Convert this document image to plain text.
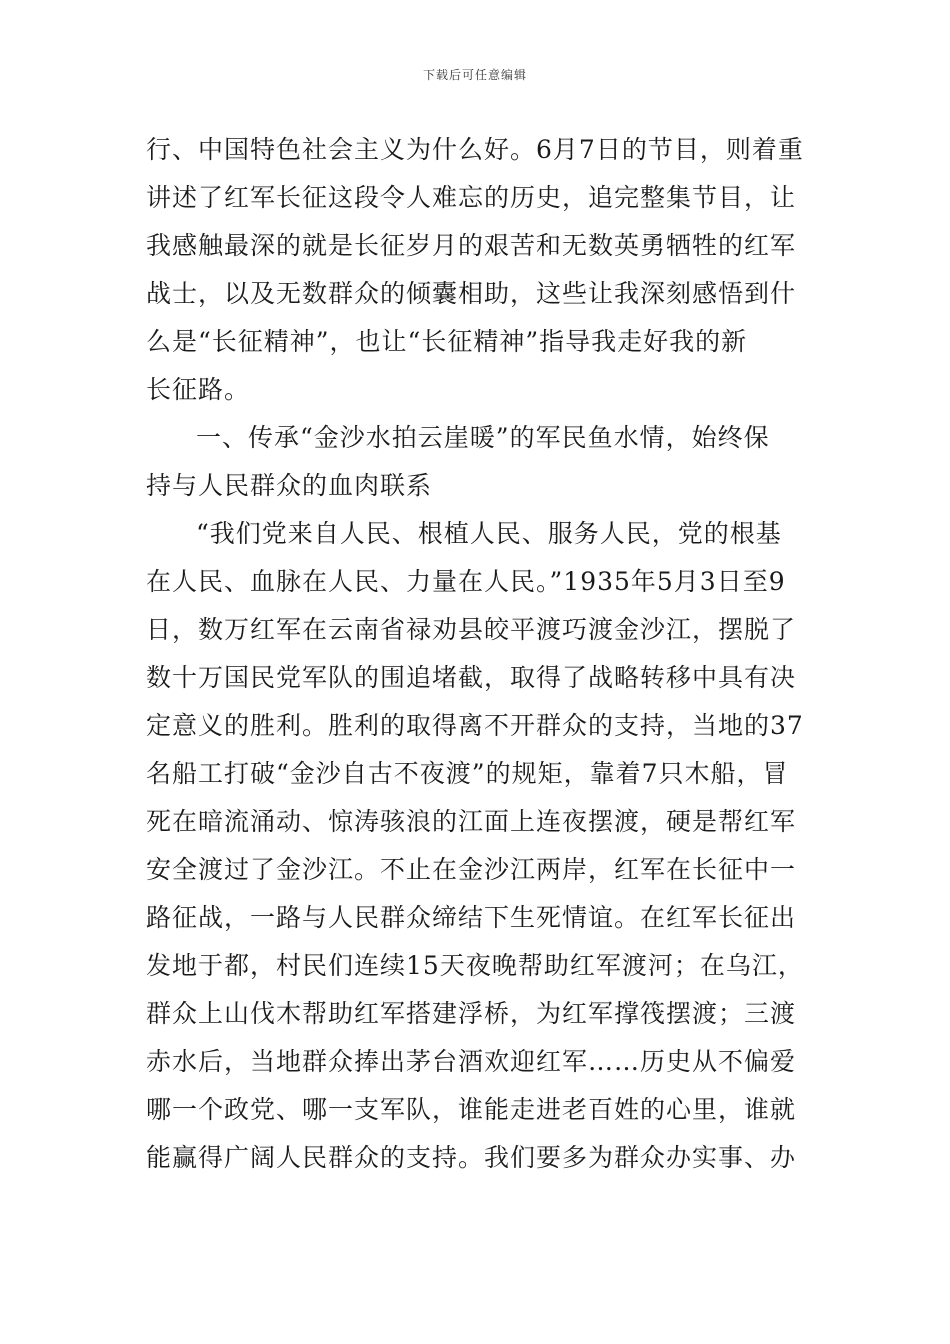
下载后可任意编辑
行、中国特色社会主义为什么好。6月7日的节目，则着重
讲述了红军长征这段令人难忘的历史，追完整集节目，让
我感触最深的就是长征岁月的艰苦和无数英勇牺牲的红军
战士，以及无数群众的倾囊相助，这些让我深刻感悟到什
么是“长征精神”，也让“长征精神”指导我走好我的新
长征路。
一、传承“金沙水拍云崖暖”的军民鱼水情，始终保
持与人民群众的血肉联系
“我们党来自人民、根植人民、服务人民，党的根基
在人民、血脉在人民、力量在人民。”1935年5月3日至9
日，数万红军在云南省禄劝县皎平渡巧渡金沙江，摆脱了
数十万国民党军队的围追堵截，取得了战略转移中具有决
定意义的胜利。胜利的取得离不开群众的支持，当地的37
名船工打破“金沙自古不夜渡”的规矩，靠着7只木船，冒
死在暗流涌动、惊涛骇浪的江面上连夜摆渡，硬是帮红军
安全渡过了金沙江。不止在金沙江两岸，红军在长征中一
路征战，一路与人民群众缔结下生死情谊。在红军长征出
发地于都，村民们连续15天夜晚帮助红军渡河；在乌江，
群众上山伐木帮助红军搭建浮桥，为红军撑筏摆渡；三渡
赤水后，当地群众捧出茅台酒欢迎红军……历史从不偏爱
哪一个政党、哪一支军队，谁能走进老百姓的心里，谁就
能赢得广阔人民群众的支持。我们要多为群众办实事、办
